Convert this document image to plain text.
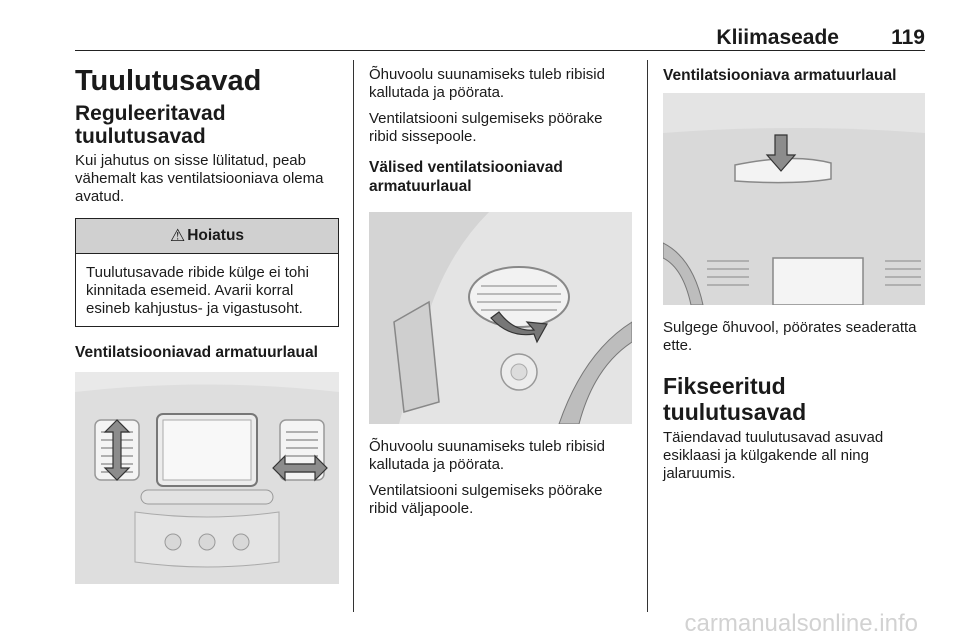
Kliimaseade 119
Tuulutusavad
Reguleeritavad tuulutusavad
Kui jahutus on sisse lülitatud, peab vähemalt kas ventilatsiooniava olema avatud.
⚠ Hoiatus
Tuulutusavade ribide külge ei tohi kinnitada esemeid. Avarii korral esineb kahjustus- ja vigastusoht.
Ventilatsiooniavad armatuurlaual
Õhuvoolu suunamiseks tuleb ribisid kallutada ja pöörata.
Ventilatsiooni sulgemiseks pöörake ribid sissepoole.
Välised ventilatsiooniavad armatuurlaual
Õhuvoolu suunamiseks tuleb ribisid kallutada ja pöörata.
Ventilatsiooni sulgemiseks pöörake ribid väljapoole.
Ventilatsiooniava armatuurlaual
Sulgege õhuvool, pöörates seaderatta ette.
Fikseeritud tuulutusavad
Täiendavad tuulutusavad asuvad esiklaasi ja külgakende all ning jalaruumis.
carmanualsonline.info
